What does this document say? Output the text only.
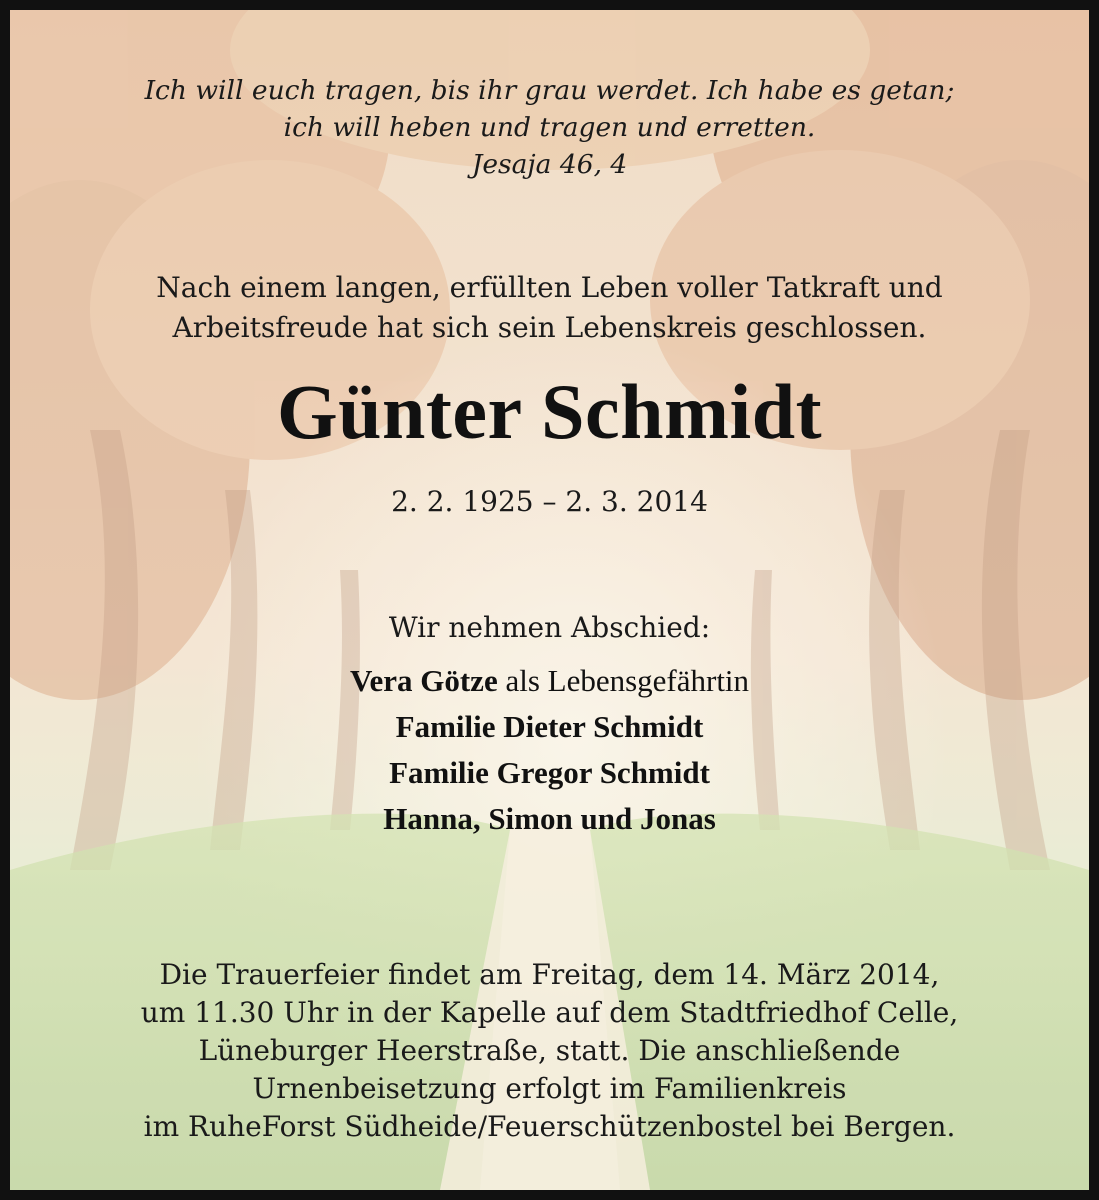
Ich will euch tragen, bis ihr grau werdet. Ich habe es getan;
ich will heben und tragen und erretten.
Jesaja 46, 4
Nach einem langen, erfüllten Leben voller Tatkraft und
Arbeitsfreude hat sich sein Lebenskreis geschlossen.
Günter Schmidt
2. 2. 1925 – 2. 3. 2014
Wir nehmen Abschied:
Vera Götze als Lebensgefährtin
Familie Dieter Schmidt
Familie Gregor Schmidt
Hanna, Simon und Jonas
Die Trauerfeier findet am Freitag, dem 14. März 2014,
um 11.30 Uhr in der Kapelle auf dem Stadtfriedhof Celle,
Lüneburger Heerstraße, statt. Die anschließende
Urnenbeisetzung erfolgt im Familienkreis
im RuheForst Südheide/Feuerschützenbostel bei Bergen.
